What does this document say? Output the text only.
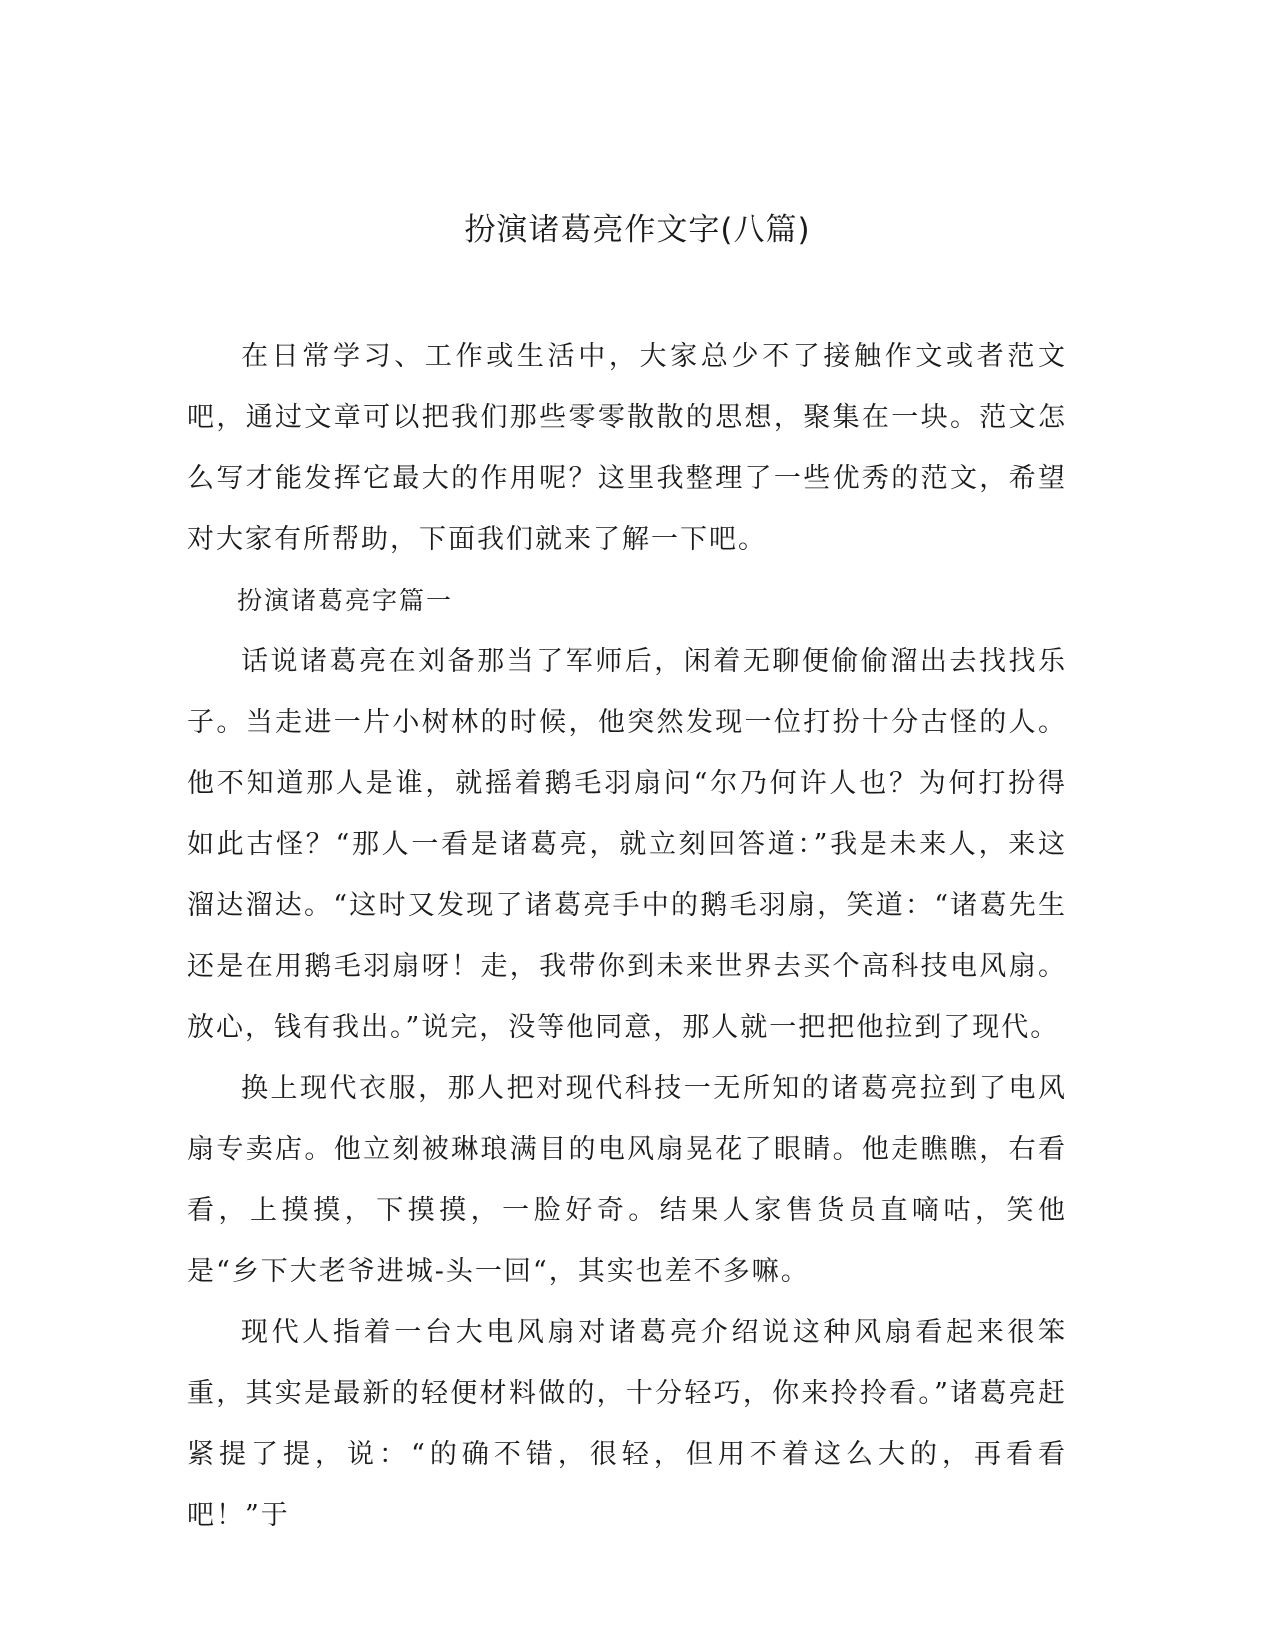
扮演诸葛亮作文字(八篇)

在日常学习、工作或生活中，大家总少不了接触作文或者范文吧，通过文章可以把我们那些零零散散的思想，聚集在一块。范文怎么写才能发挥它最大的作用呢？这里我整理了一些优秀的范文，希望对大家有所帮助，下面我们就来了解一下吧。

扮演诸葛亮字篇一

话说诸葛亮在刘备那当了军师后，闲着无聊便偷偷溜出去找找乐子。当走进一片小树林的时候，他突然发现一位打扮十分古怪的人。他不知道那人是谁，就摇着鹅毛羽扇问“尔乃何许人也？为何打扮得如此古怪？“那人一看是诸葛亮，就立刻回答道：”我是未来人，来这溜达溜达。“这时又发现了诸葛亮手中的鹅毛羽扇，笑道：“诸葛先生还是在用鹅毛羽扇呀！走，我带你到未来世界去买个高科技电风扇。放心，钱有我出。”说完，没等他同意，那人就一把把他拉到了现代。

换上现代衣服，那人把对现代科技一无所知的诸葛亮拉到了电风扇专卖店。他立刻被琳琅满目的电风扇晃花了眼睛。他走瞧瞧，右看看，上摸摸，下摸摸，一脸好奇。结果人家售货员直嘀咕，笑他是“乡下大老爷进城-头一回“，其实也差不多嘛。

现代人指着一台大电风扇对诸葛亮介绍说这种风扇看起来很笨重，其实是最新的轻便材料做的，十分轻巧，你来拎拎看。”诸葛亮赶紧提了提，说：“的确不错，很轻，但用不着这么大的，再看看吧！”于
